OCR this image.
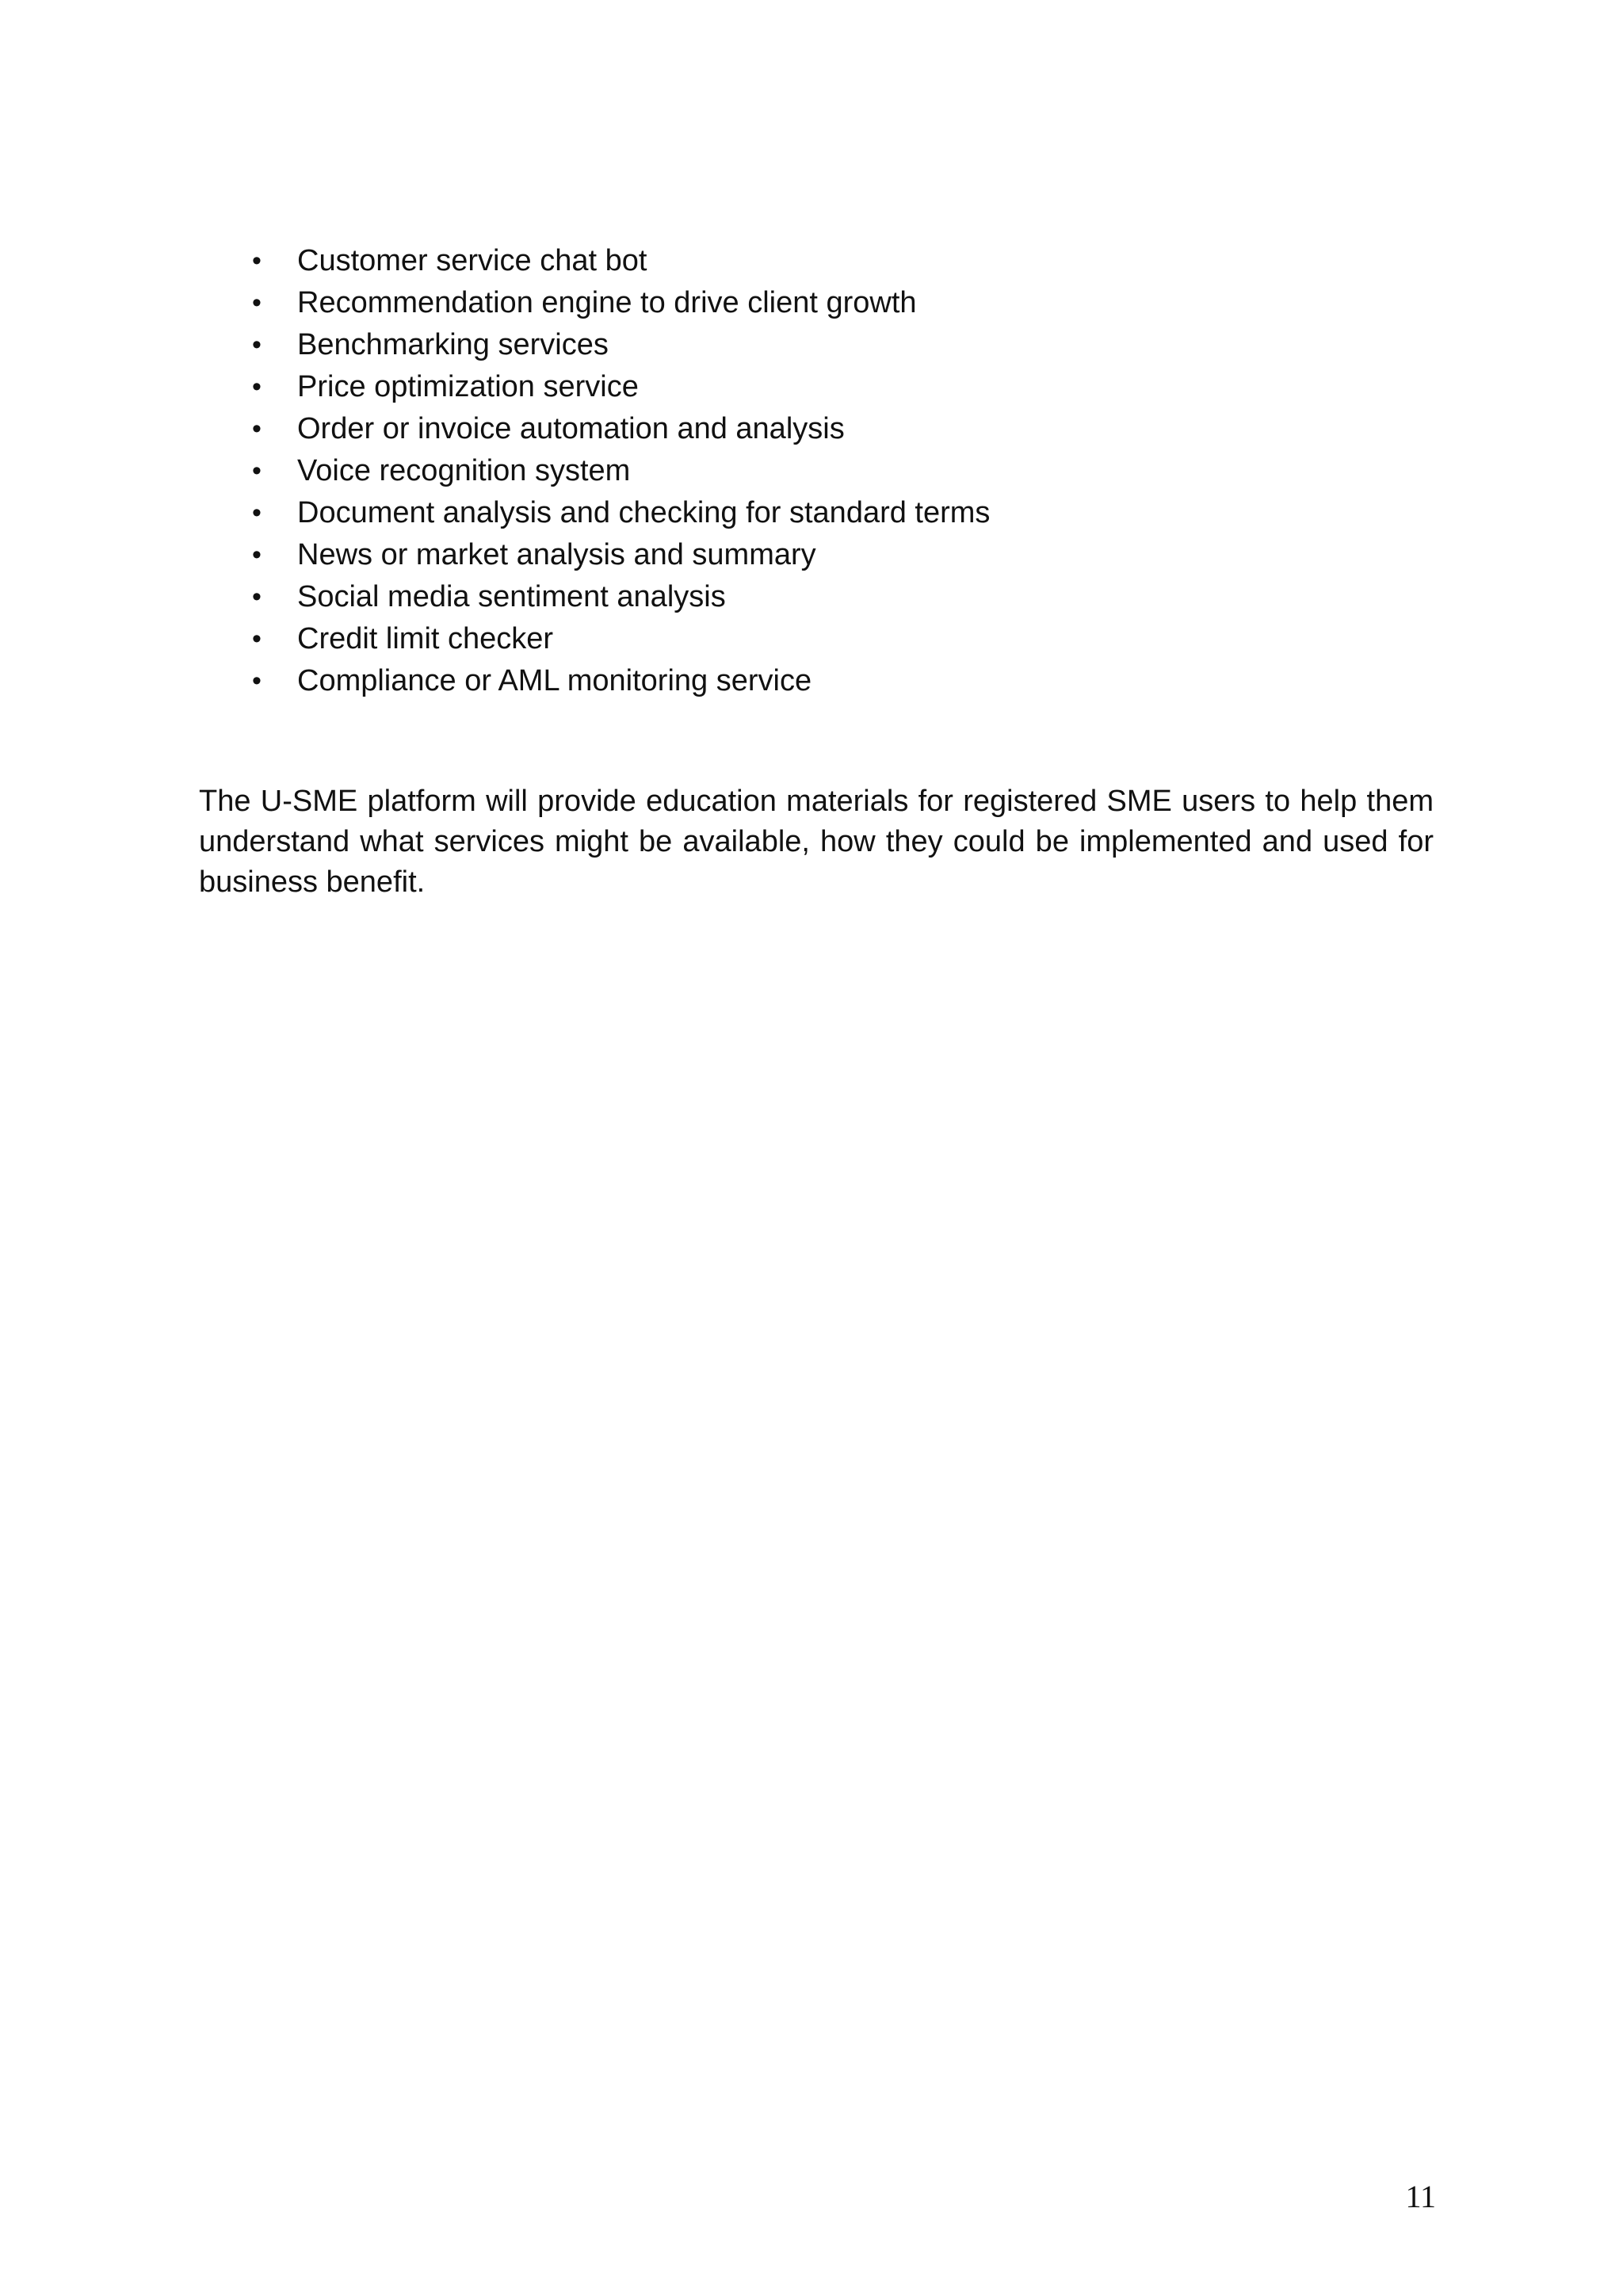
• Customer service chat bot
• Recommendation engine to drive client growth
• Benchmarking services
• Price optimization service
• Order or invoice automation and analysis
• Voice recognition system
• Document analysis and checking for standard terms
• News or market analysis and summary
• Social media sentiment analysis
• Credit limit checker
• Compliance or AML monitoring service

The U-SME platform will provide education materials for registered SME users to help them understand what services might be available, how they could be implemented and used for business benefit.

11
